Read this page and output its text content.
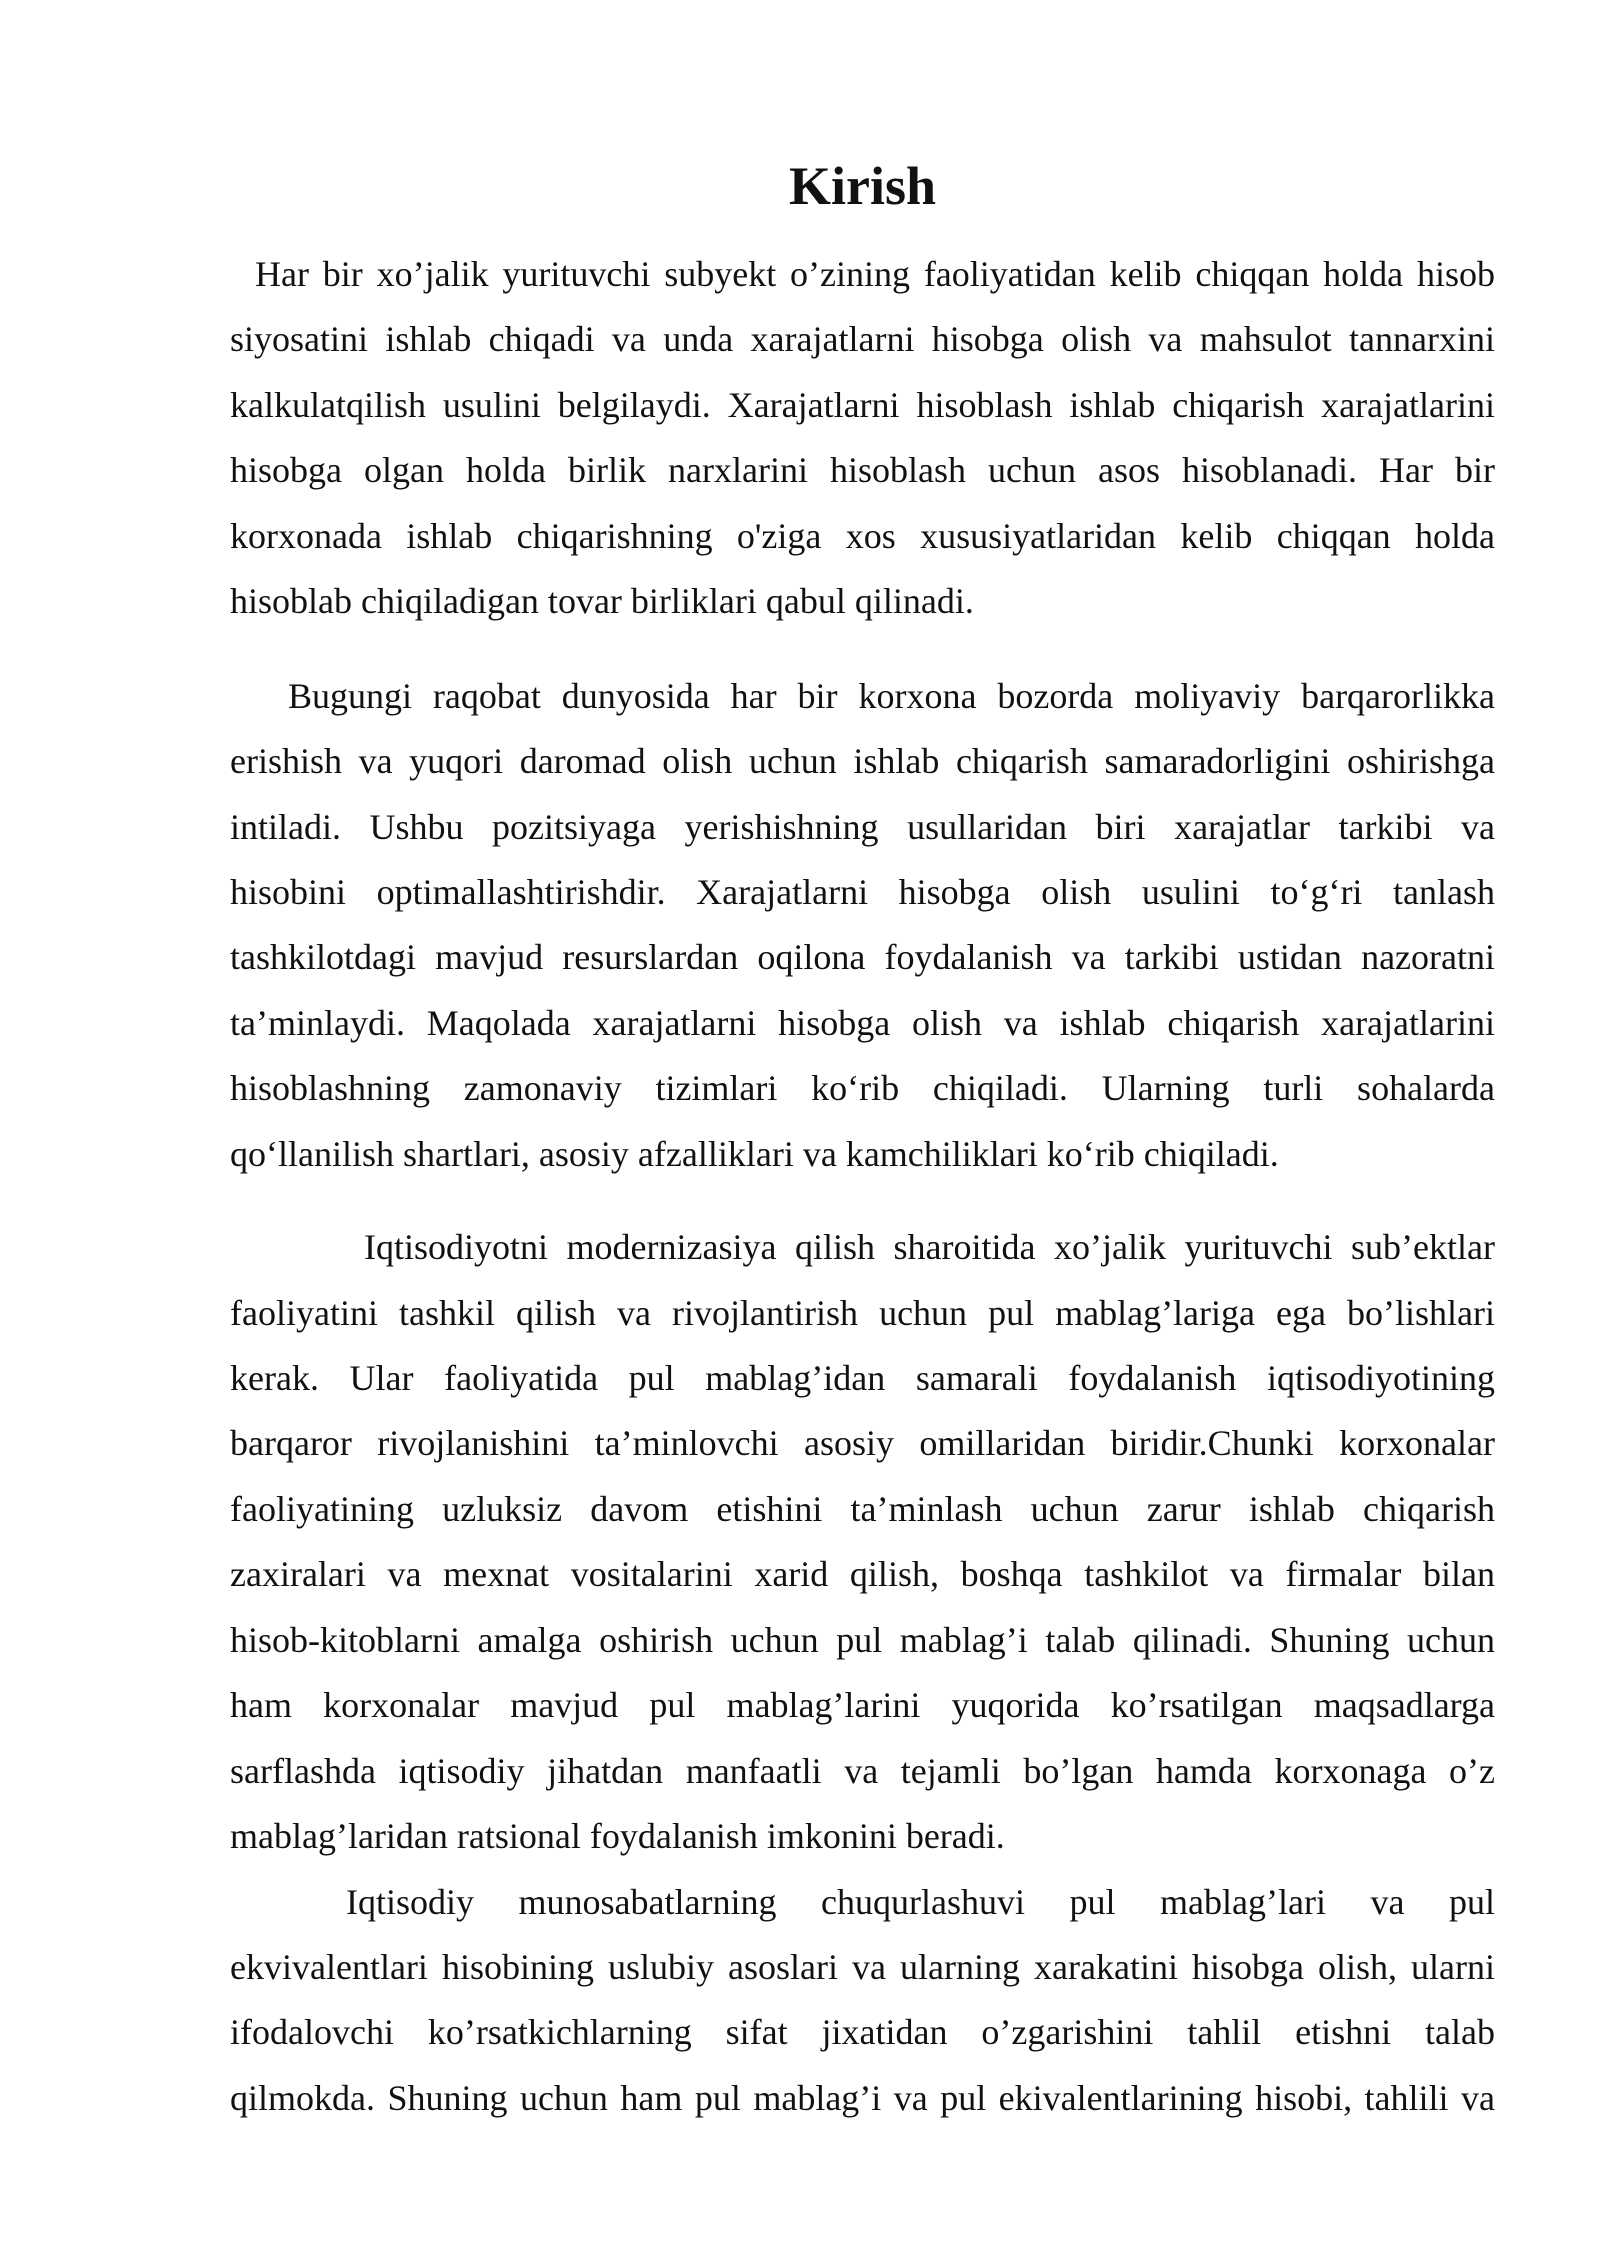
Kirish
Har bir xo’jalik yurituvchi subyekt o’zining faoliyatidan kelib chiqqan holda hisob
siyosatini ishlab chiqadi va unda xarajatlarni hisobga olish va mahsulot tannarxini
kalkulatqilish usulini belgilaydi. Xarajatlarni hisoblash ishlab chiqarish xarajatlarini
hisobga olgan holda birlik narxlarini hisoblash uchun asos hisoblanadi. Har bir
korxonada ishlab chiqarishning o'ziga xos xususiyatlaridan kelib chiqqan holda
hisoblab chiqiladigan tovar birliklari qabul qilinadi.
Bugungi raqobat dunyosida har bir korxona bozorda moliyaviy barqarorlikka
erishish va yuqori daromad olish uchun ishlab chiqarish samaradorligini oshirishga
intiladi. Ushbu pozitsiyaga yerishishning usullaridan biri xarajatlar tarkibi va
hisobini optimallashtirishdir. Xarajatlarni hisobga olish usulini to‘g‘ri tanlash
tashkilotdagi mavjud resurslardan oqilona foydalanish va tarkibi ustidan nazoratni
ta’minlaydi. Maqolada xarajatlarni hisobga olish va ishlab chiqarish xarajatlarini
hisoblashning zamonaviy tizimlari ko‘rib chiqiladi. Ularning turli sohalarda
qo‘llanilish shartlari, asosiy afzalliklari va kamchiliklari ko‘rib chiqiladi.
Iqtisodiyotni modernizasiya qilish sharoitida xo’jalik yurituvchi sub’ektlar
faoliyatini tashkil qilish va rivojlantirish uchun pul mablag’lariga ega bo’lishlari
kerak. Ular faoliyatida pul mablag’idan samarali foydalanish iqtisodiyotining
barqaror rivojlanishini ta’minlovchi asosiy omillaridan biridir.Chunki korxonalar
faoliyatining uzluksiz davom etishini ta’minlash uchun zarur ishlab chiqarish
zaxiralari va mexnat vositalarini xarid qilish, boshqa tashkilot va firmalar bilan
hisob-kitoblarni amalga oshirish uchun pul mablag’i talab qilinadi. Shuning uchun
ham korxonalar mavjud pul mablag’larini yuqorida ko’rsatilgan maqsadlarga
sarflashda iqtisodiy jihatdan manfaatli va tejamli bo’lgan hamda korxonaga o’z
mablag’laridan ratsional foydalanish imkonini beradi.
Iqtisodiy munosabatlarning chuqurlashuvi pul mablag’lari va pul
ekvivalentlari hisobining uslubiy asoslari va ularning xarakatini hisobga olish, ularni
ifodalovchi ko’rsatkichlarning sifat jixatidan o’zgarishini tahlil etishni talab
qilmokda. Shuning uchun ham pul mablag’i va pul ekivalentlarining hisobi, tahlili va
